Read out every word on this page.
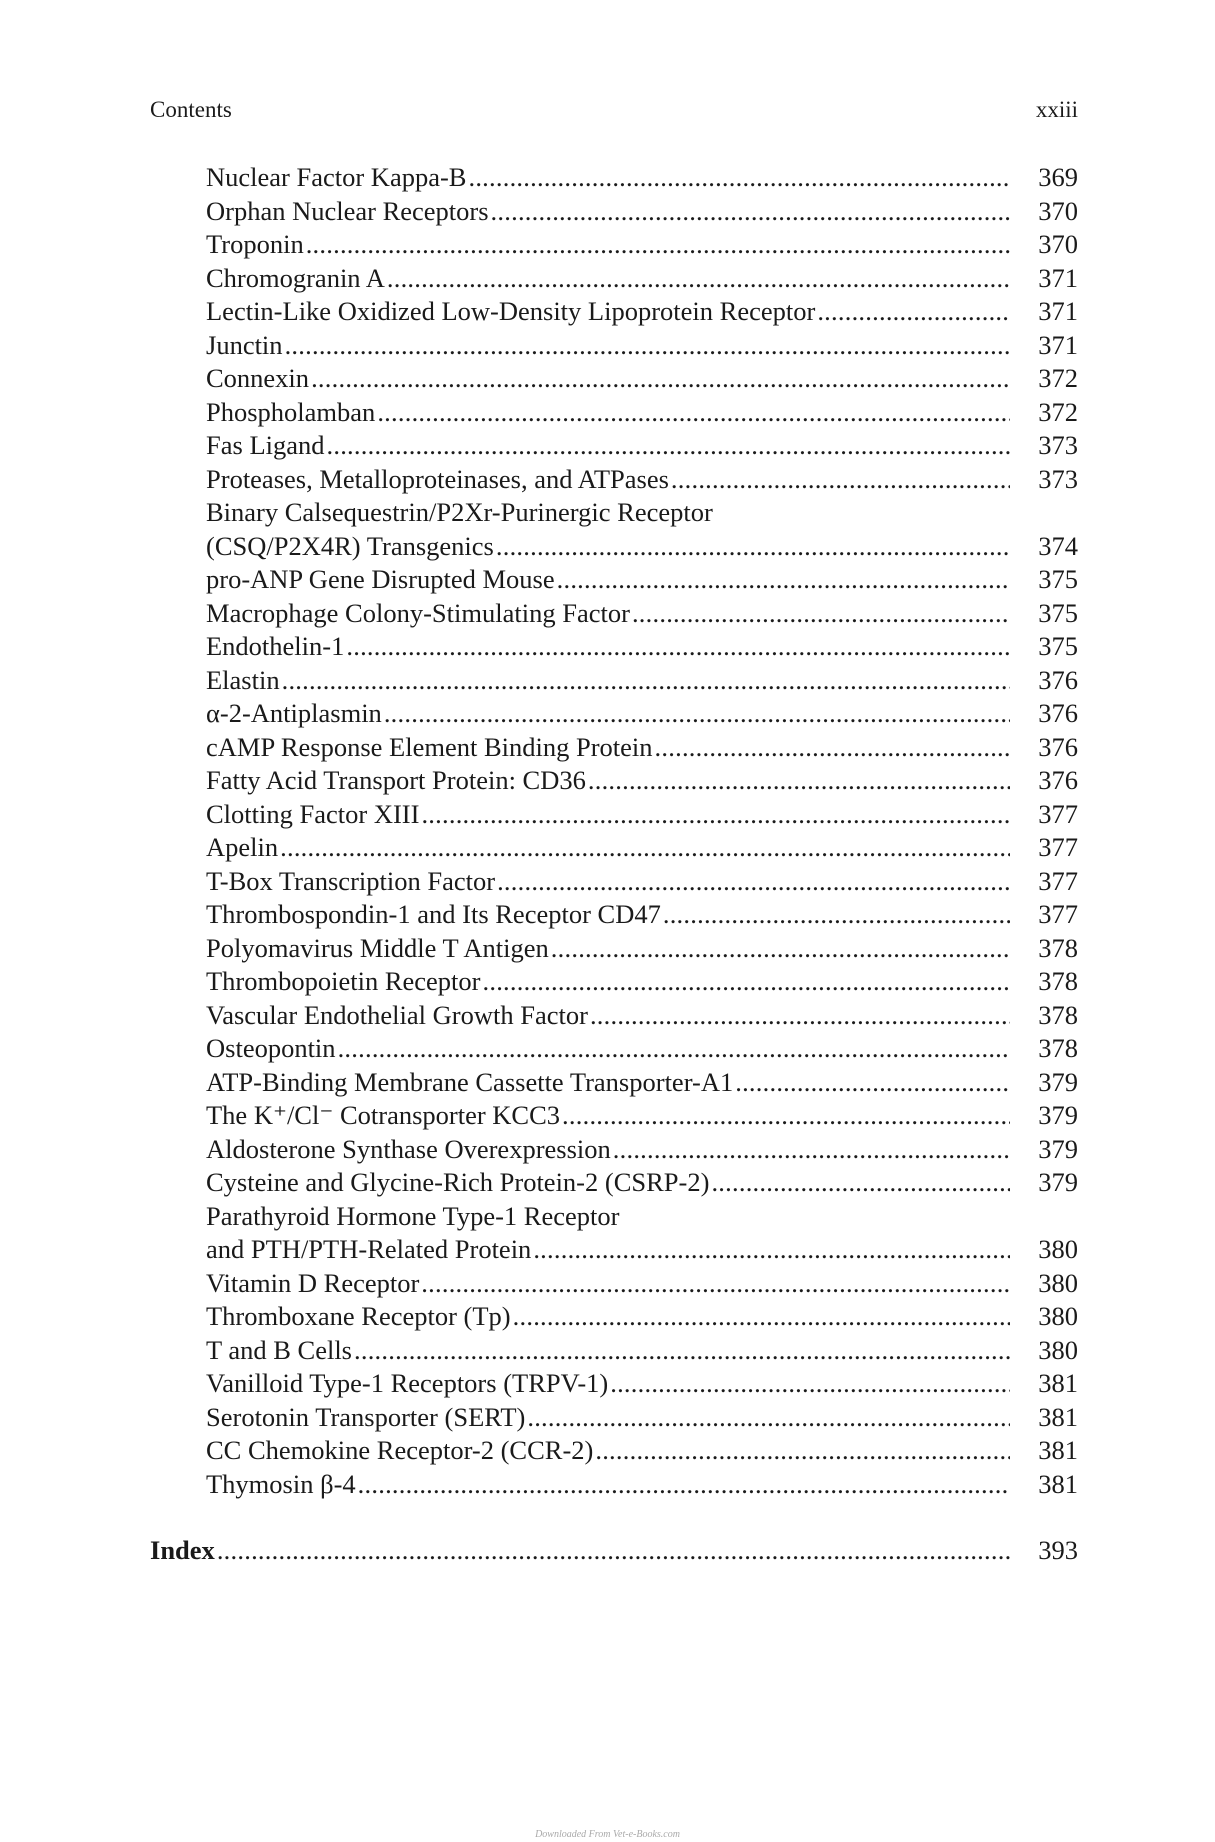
Contents	xxiii
Nuclear Factor Kappa-B . . .	369
Orphan Nuclear Receptors . . .	370
Troponin . . .	370
Chromogranin A . . .	371
Lectin-Like Oxidized Low-Density Lipoprotein Receptor . . .	371
Junctin . . .	371
Connexin . . .	372
Phospholamban . . .	372
Fas Ligand . . .	373
Proteases, Metalloproteinases, and ATPases . . .	373
Binary Calsequestrin/P2Xr-Purinergic Receptor
(CSQ/P2X4R) Transgenics . . .	374
pro-ANP Gene Disrupted Mouse . . .	375
Macrophage Colony-Stimulating Factor . . .	375
Endothelin-1 . . .	375
Elastin . . .	376
α-2-Antiplasmin . . .	376
cAMP Response Element Binding Protein . . .	376
Fatty Acid Transport Protein: CD36 . . .	376
Clotting Factor XIII . . .	377
Apelin . . .	377
T-Box Transcription Factor . . .	377
Thrombospondin-1 and Its Receptor CD47 . . .	377
Polyomavirus Middle T Antigen . . .	378
Thrombopoietin Receptor . . .	378
Vascular Endothelial Growth Factor . . .	378
Osteopontin . . .	378
ATP-Binding Membrane Cassette Transporter-A1 . . .	379
The K⁺/Cl⁻ Cotransporter KCC3 . . .	379
Aldosterone Synthase Overexpression . . .	379
Cysteine and Glycine-Rich Protein-2 (CSRP-2) . . .	379
Parathyroid Hormone Type-1 Receptor
and PTH/PTH-Related Protein . . .	380
Vitamin D Receptor . . .	380
Thromboxane Receptor (Tp) . . .	380
T and B Cells . . .	380
Vanilloid Type-1 Receptors (TRPV-1) . . .	381
Serotonin Transporter (SERT) . . .	381
CC Chemokine Receptor-2 (CCR-2) . . .	381
Thymosin β-4 . . .	381
Index . . .	393
Downloaded From Vet-e-Books.com
